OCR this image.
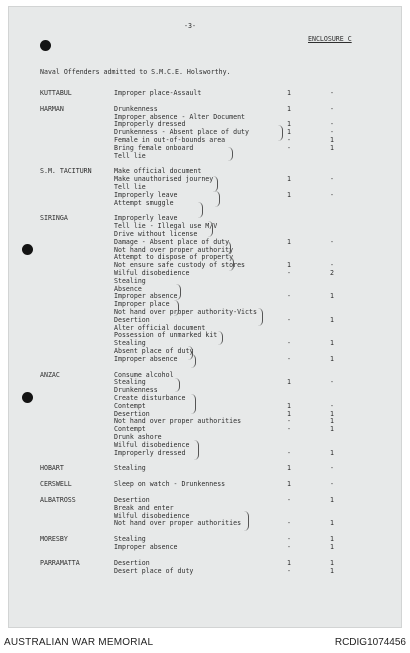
-3-
ENCLOSURE C
Naval Offenders admitted to S.M.C.E. Holsworthy.
KUTTABUL	Improper place-Assault	1	-
HARMAN	Drunkenness	1	-
Improper absence - Alter Document
Improperly dressed	1	-
Drunkenness - Absent place of duty	1	-
Female in out-of-bounds area	-	1
Bring female onboard	-	1
Tell lie
S.M. TACITURN	Make official document
Make unauthorised journey	1	-
Tell lie
Improperly leave	1	-
Attempt smuggle
SIRINGA	Improperly leave
Tell lie - Illegal use M/V
Drive without license
Damage - Absent place of duty	1	-
Not hand over proper authority
Attempt to dispose of property
Not ensure safe custody of stores	1	-
Wilful disobedience	-	2
Stealing
Absence
Improper absence	-	1
Improper place
Not hand over proper authority-Victs
Desertion	-	1
Alter official document
Possession of unmarked kit
Stealing	-	1
Absent place of duty
Improper absence	-	1
ANZAC	Consume alcohol
Stealing	1	-
Drunkenness
Create disturbance
Contempt	1	-
Desertion	1	1
Not hand over proper authorities	-	1
Contempt	-	1
Drunk ashore
Wilful disobedience
Improperly dressed	-	1
HOBART	Stealing	1	-
CERSWELL	Sleep on watch - Drunkenness	1	-
ALBATROSS	Desertion	-	1
Break and enter
Wilful disobedience
Not hand over proper authorities	-	1
MORESBY	Stealing	-	1
Improper absence	-	1
PARRAMATTA	Desertion	1	1
Desert place of duty	-	1
AUSTRALIAN WAR MEMORIAL	RCDIG1074456
